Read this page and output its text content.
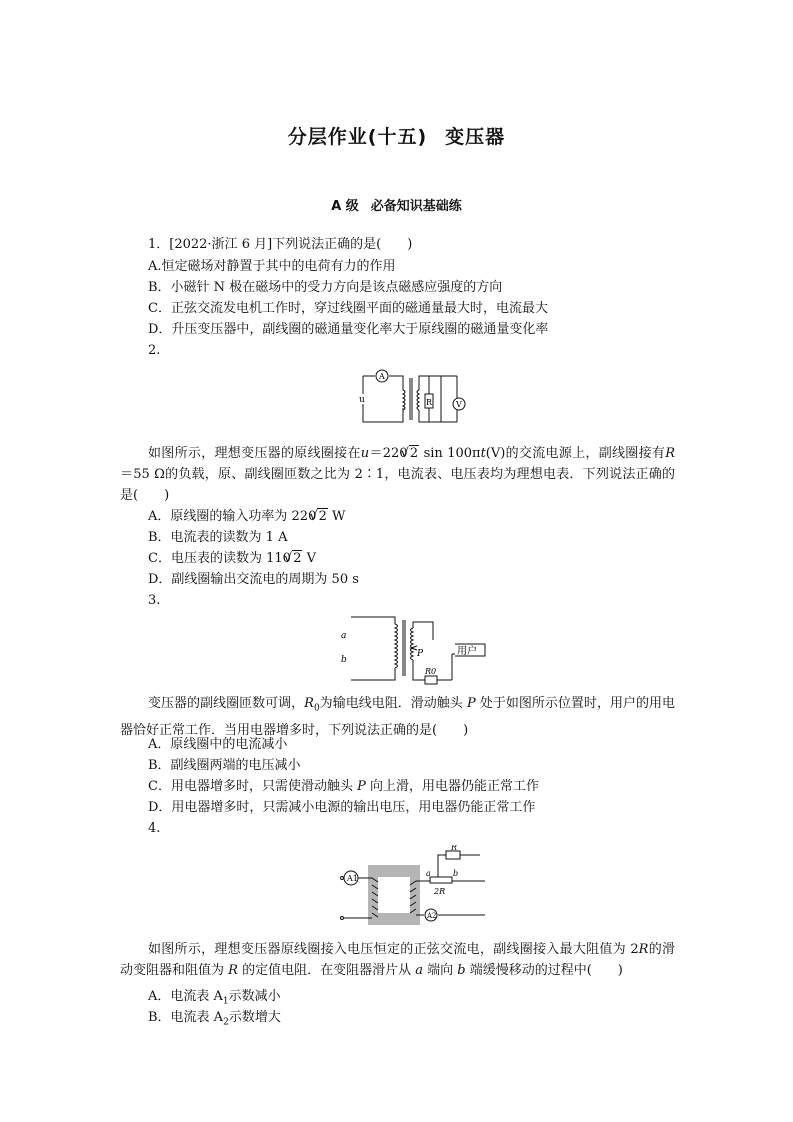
分层作业(十五) 变压器
A 级 必备知识基础练
1．[2022·浙江 6 月]下列说法正确的是( )
A.恒定磁场对静置于其中的电荷有力的作用
B．小磁针 N 极在磁场中的受力方向是该点磁感应强度的方向
C．正弦交流发电机工作时，穿过线圈平面的磁通量最大时，电流最大
D．升压变压器中，副线圈的磁通量变化率大于原线圈的磁通量变化率
2.
u
A
R	V
如图所示，理想变压器的原线圈接在u＝220 √ 2 sin 100πt(V)的交流电源上，副线圈接有R＝55 Ω的负载，原、副线圈匝数之比为 2∶1，电流表、电压表均为理想电表．下列说法正确的是( )
A．原线圈的输入功率为 220 √ 2 W
B．电流表的读数为 1 A
C．电压表的读数为 110 √ 2 V
D．副线圈输出交流电的周期为 50 s
3.
a
b
P	用户
R0
变压器的副线圈匝数可调，$R_0$为输电线电阻．滑动触头 P 处于如图所示位置时，用户的用电器恰好正常工作．当用电器增多时，下列说法正确的是( )
A．原线圈中的电流减小
B．副线圈两端的电压减小
C．用电器增多时，只需使滑动触头 P 向上滑，用电器仍能正常工作
D．用电器增多时，只需减小电源的输出电压，用电器仍能正常工作
4.
A1
A2
R
2R
a	b
如图所示，理想变压器原线圈接入电压恒定的正弦交流电，副线圈接入最大阻值为 2R的滑动变阻器和阻值为 R 的定值电阻．在变阻器滑片从 a 端向 b 端缓慢移动的过程中( )
A．电流表 $A_1$示数减小
B．电流表 $A_2$示数增大
